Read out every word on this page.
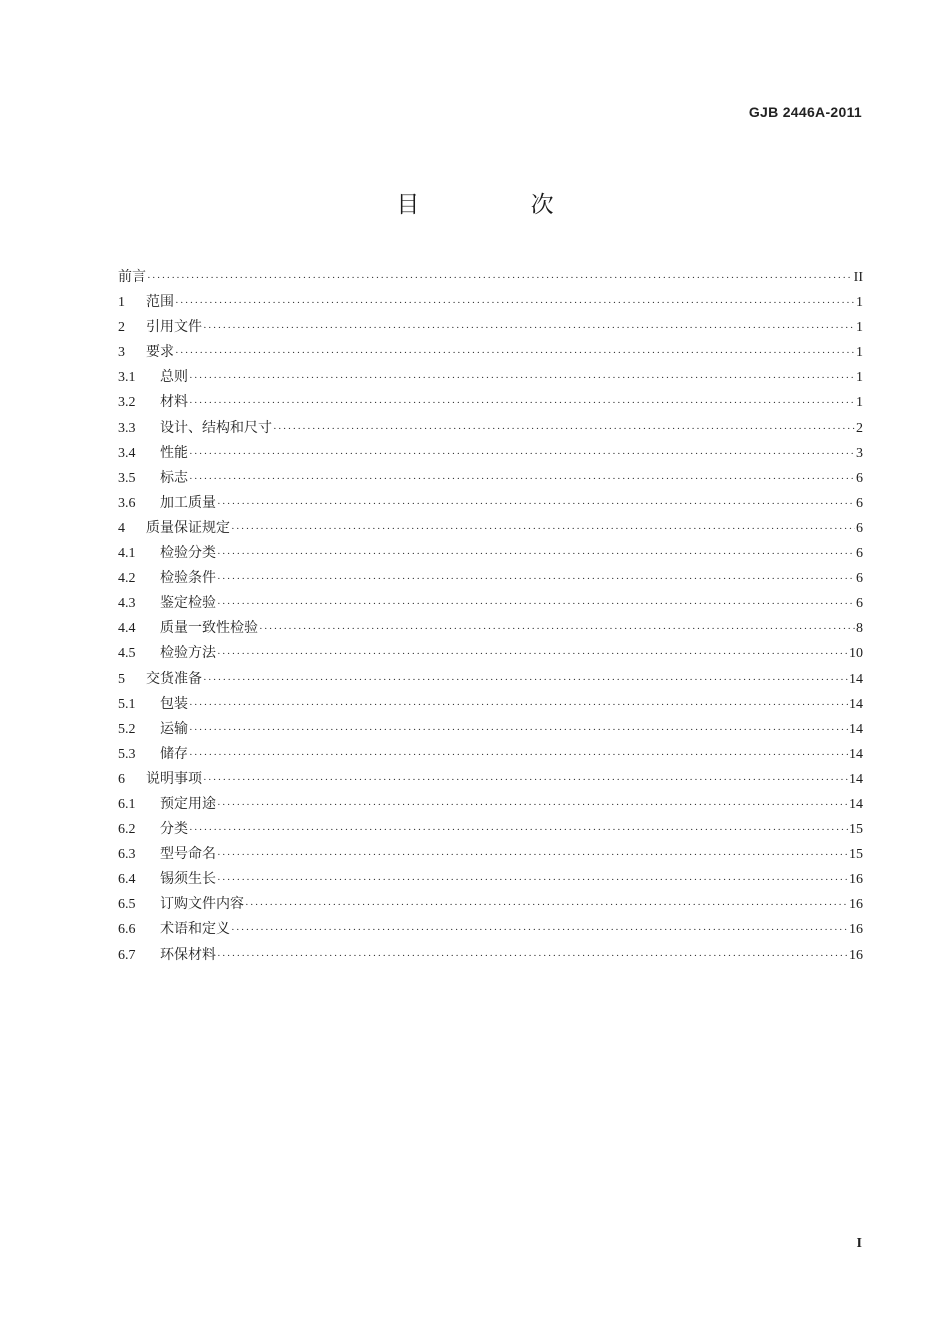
GJB 2446A-2011
目 次
前言 ·····	II
1	范围 ·····	1
2	引用文件 ·····	1
3	要求 ·····	1
3.1	总则 ·····	1
3.2	材料 ·····	1
3.3	设计、结构和尺寸 ·····	2
3.4	性能 ·····	3
3.5	标志 ·····	6
3.6	加工质量 ·····	6
4	质量保证规定 ·····	6
4.1	检验分类 ·····	6
4.2	检验条件 ·····	6
4.3	鉴定检验 ·····	6
4.4	质量一致性检验 ·····	8
4.5	检验方法 ·····	10
5	交货准备 ·····	14
5.1	包装 ·····	14
5.2	运输 ·····	14
5.3	储存 ·····	14
6	说明事项 ·····	14
6.1	预定用途 ·····	14
6.2	分类 ·····	15
6.3	型号命名 ·····	15
6.4	锡须生长 ·····	16
6.5	订购文件内容 ·····	16
6.6	术语和定义 ·····	16
6.7	环保材料 ·····	16
I
